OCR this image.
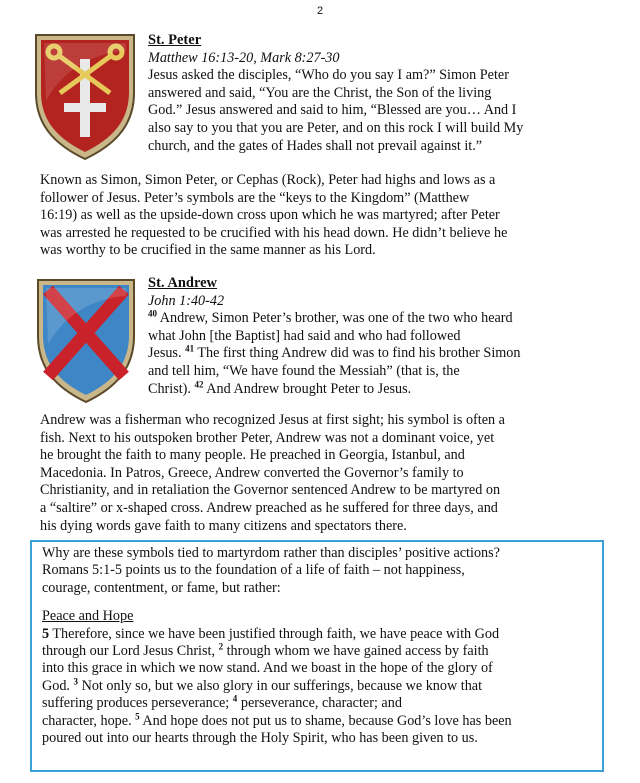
2
St. Peter
Matthew 16:13-20, Mark 8:27-30
Jesus asked the disciples, “Who do you say I am?” Simon Peter
answered and said, “You are the Christ, the Son of the living
God.” Jesus answered and said to him, “Blessed are you… And I
also say to you that you are Peter, and on this rock I will build My
church, and the gates of Hades shall not prevail against it.”
Known as Simon, Simon Peter, or Cephas (Rock), Peter had highs and lows as a
follower of Jesus. Peter’s symbols are the “keys to the Kingdom” (Matthew
16:19) as well as the upside-down cross upon which he was martyred; after Peter
was arrested he requested to be crucified with his head down. He didn’t believe he
was worthy to be crucified in the same manner as his Lord.
St. Andrew
John 1:40-42
$^{40}$ Andrew, Simon Peter’s brother, was one of the two who heard
what John [the Baptist] had said and who had followed
Jesus. $^{41}$ The first thing Andrew did was to find his brother Simon
and tell him, “We have found the Messiah” (that is, the
Christ). $^{42}$ And Andrew brought Peter to Jesus.
Andrew was a fisherman who recognized Jesus at first sight; his symbol is often a
fish. Next to his outspoken brother Peter, Andrew was not a dominant voice, yet
he brought the faith to many people. He preached in Georgia, Istanbul, and
Macedonia. In Patros, Greece, Andrew converted the Governor’s family to
Christianity, and in retaliation the Governor sentenced Andrew to be martyred on
a “saltire” or x-shaped cross. Andrew preached as he suffered for three days, and
his dying words gave faith to many citizens and spectators there.
Why are these symbols tied to martyrdom rather than disciples’ positive actions?
Romans 5:1-5 points us to the foundation of a life of faith – not happiness,
courage, contentment, or fame, but rather:
Peace and Hope
5 Therefore, since we have been justified through faith, we have peace with God
through our Lord Jesus Christ, $^2$ through whom we have gained access by faith
into this grace in which we now stand. And we boast in the hope of the glory of
God. $^3$ Not only so, but we also glory in our sufferings, because we know that
suffering produces perseverance; $^4$ perseverance, character; and
character, hope. $^5$ And hope does not put us to shame, because God’s love has been
poured out into our hearts through the Holy Spirit, who has been given to us.
